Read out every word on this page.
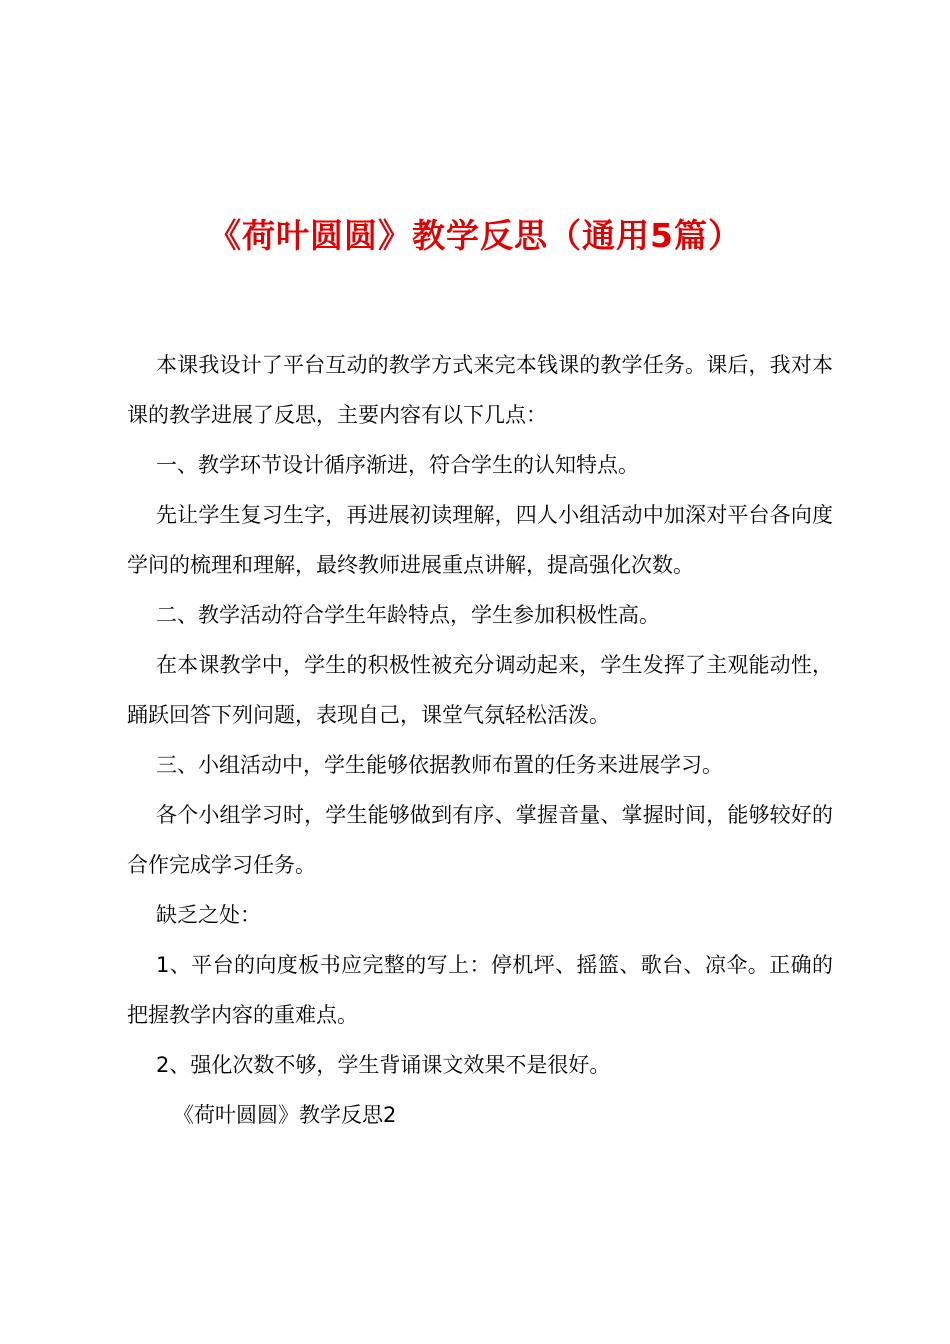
《荷叶圆圆》教学反思（通用5篇）

本课我设计了平台互动的教学方式来完本钱课的教学任务。课后，我对本课的教学进展了反思，主要内容有以下几点：

一、教学环节设计循序渐进，符合学生的认知特点。

先让学生复习生字，再进展初读理解，四人小组活动中加深对平台各向度学问的梳理和理解，最终教师进展重点讲解，提高强化次数。

二、教学活动符合学生年龄特点，学生参加积极性高。

在本课教学中，学生的积极性被充分调动起来，学生发挥了主观能动性，踊跃回答下列问题，表现自己，课堂气氛轻松活泼。

三、小组活动中，学生能够依据教师布置的任务来进展学习。

各个小组学习时，学生能够做到有序、掌握音量、掌握时间，能够较好的合作完成学习任务。

缺乏之处：

1、平台的向度板书应完整的写上：停机坪、摇篮、歌台、凉伞。正确的把握教学内容的重难点。

2、强化次数不够，学生背诵课文效果不是很好。

《荷叶圆圆》教学反思2
